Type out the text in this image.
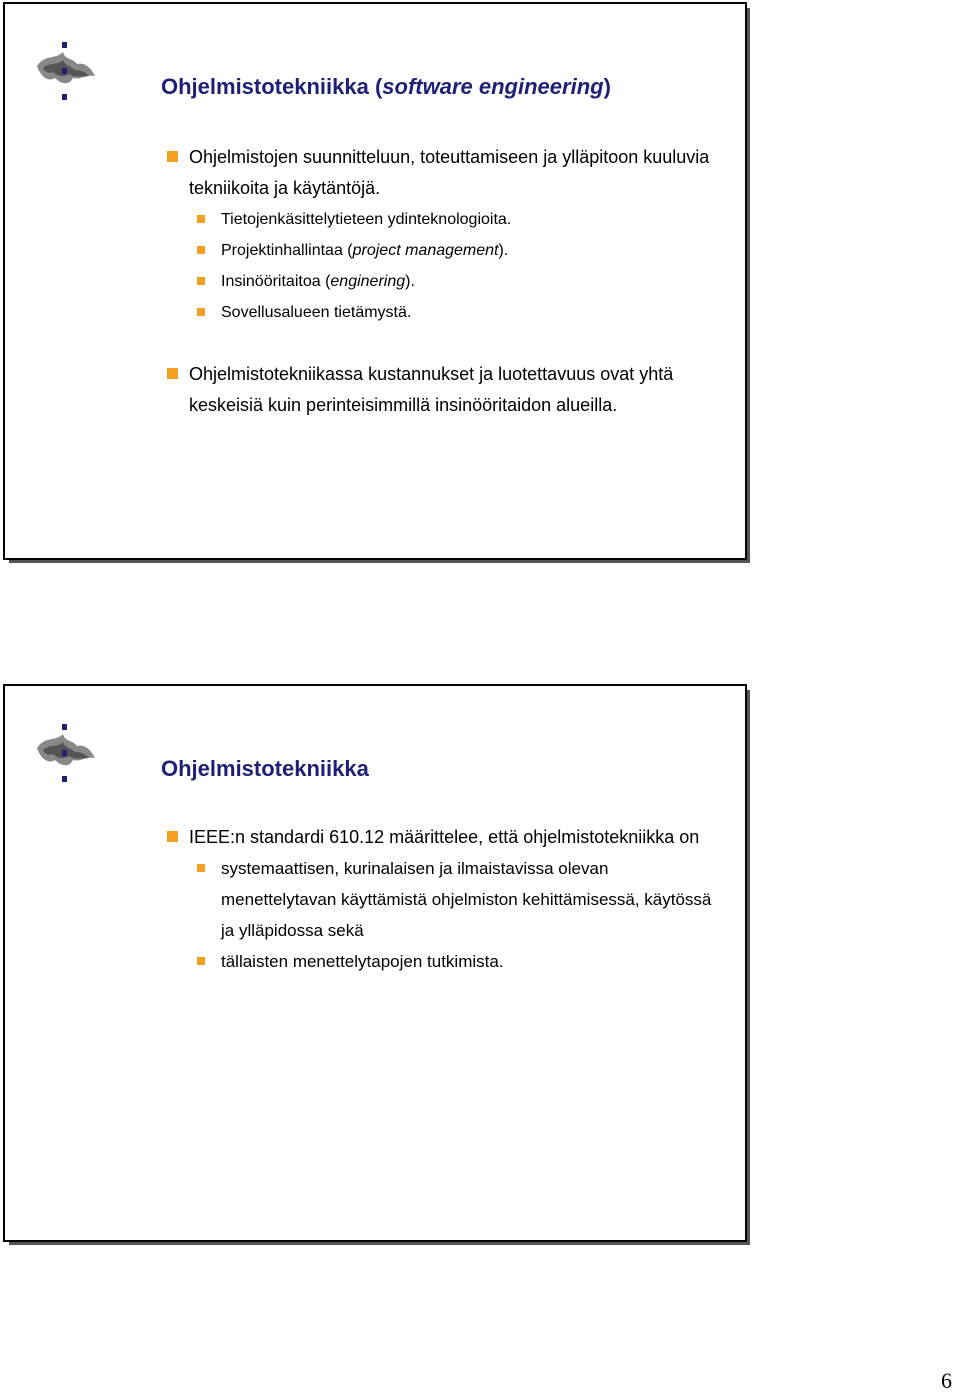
Ohjelmistotekniikka (software engineering)
Ohjelmistojen suunnitteluun, toteuttamiseen ja ylläpitoon kuuluvia tekniikoita ja käytäntöjä.
Tietojenkäsittelytieteen ydinteknologioita.
Projektinhallintaa (project management).
Insinööritaitoa (enginering).
Sovellusalueen tietämystä.
Ohjelmistotekniikassa kustannukset ja luotettavuus ovat yhtä keskeisiä kuin perinteisimmillä insinööritaidon alueilla.
Ohjelmistotekniikka
IEEE:n standardi 610.12 määrittelee, että ohjelmistotekniikka on
systemaattisen, kurinalaisen ja ilmaistavissa olevan menettelytavan käyttämistä ohjelmiston kehittämisessä, käytössä ja ylläpidossa sekä
tällaisten menettelytapojen tutkimista.
6
